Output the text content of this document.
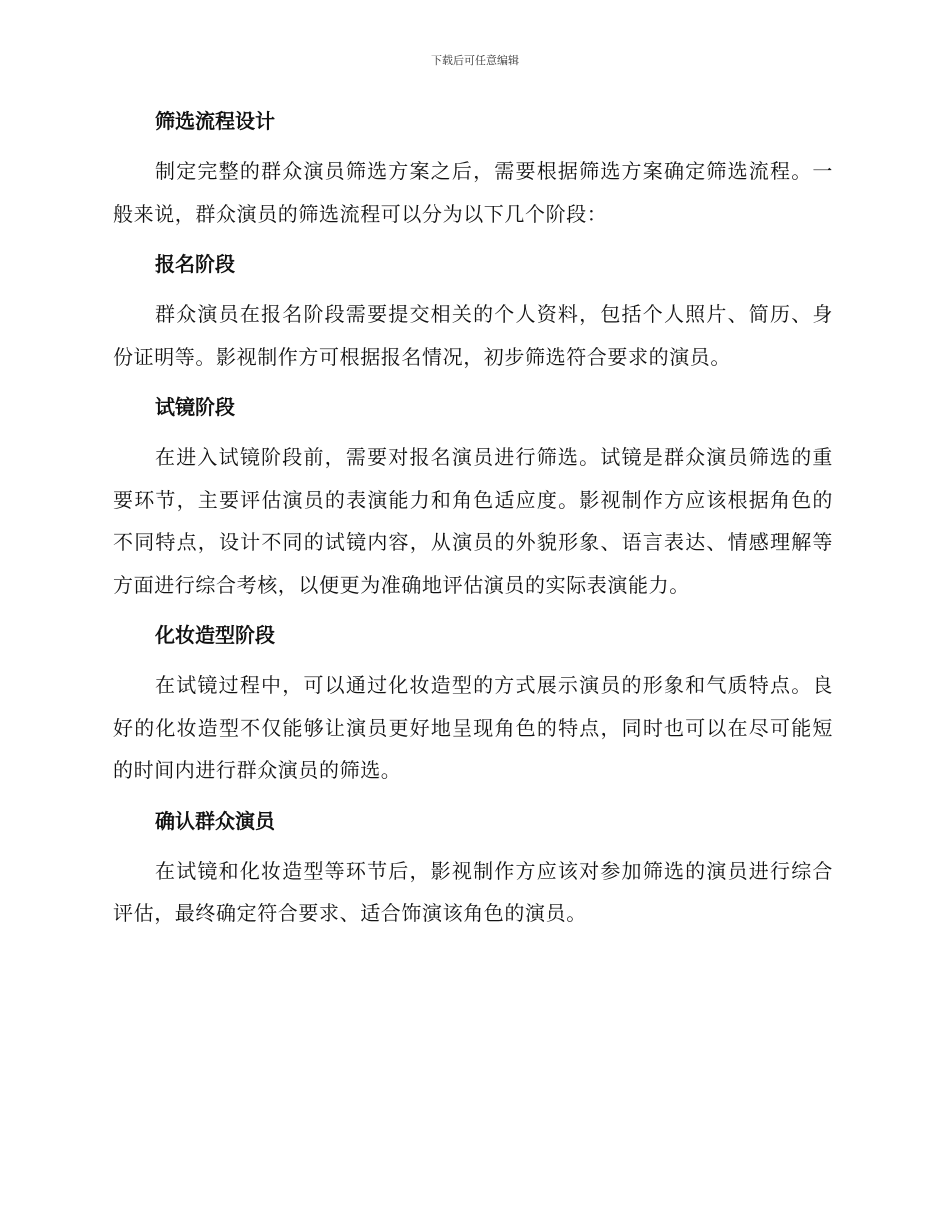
下载后可任意编辑
筛选流程设计

制定完整的群众演员筛选方案之后，需要根据筛选方案确定筛选流程。一般来说，群众演员的筛选流程可以分为以下几个阶段：

报名阶段

群众演员在报名阶段需要提交相关的个人资料，包括个人照片、简历、身份证明等。影视制作方可根据报名情况，初步筛选符合要求的演员。

试镜阶段

在进入试镜阶段前，需要对报名演员进行筛选。试镜是群众演员筛选的重要环节，主要评估演员的表演能力和角色适应度。影视制作方应该根据角色的不同特点，设计不同的试镜内容，从演员的外貌形象、语言表达、情感理解等方面进行综合考核，以便更为准确地评估演员的实际表演能力。

化妆造型阶段

在试镜过程中，可以通过化妆造型的方式展示演员的形象和气质特点。良好的化妆造型不仅能够让演员更好地呈现角色的特点，同时也可以在尽可能短的时间内进行群众演员的筛选。

确认群众演员

在试镜和化妆造型等环节后，影视制作方应该对参加筛选的演员进行综合评估，最终确定符合要求、适合饰演该角色的演员。
